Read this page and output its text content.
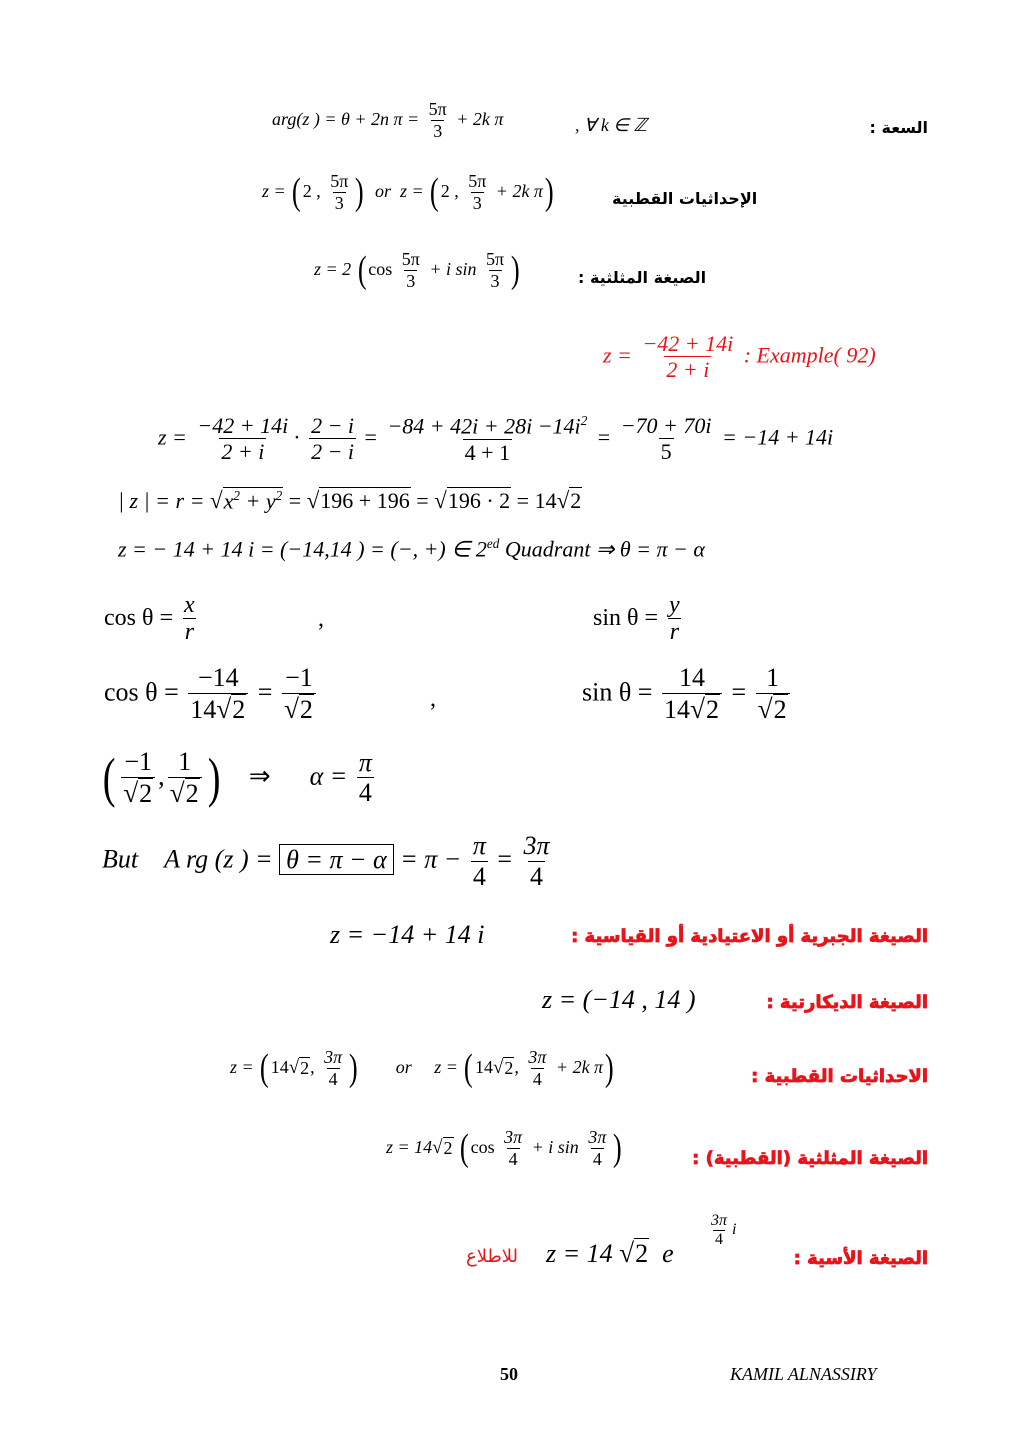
arg(z ) = θ + 2n $\pi = \frac{5\pi}{3} + 2k$ π	, ∀ k ∈ ℤ	السعة :
z = ( 2 , $\frac{5\pi}{3}$ ) or z = ( 2 , $\frac{5\pi}{3} + 2k$ π)	الإحداثيات القطبية
z = 2 ( $\cos \frac{5\pi}{3} + i$ $\sin \frac{5\pi}{3}$ )	الصيغة المثلثية :
$z = \frac{-42 + 14i}{2 + i}$ : Example( 92)
$z = \frac{-42 + 14i}{2 + i} \cdot \frac{2 - i}{2 - i} = \frac{-84 + 42i + 28i -14i^2}{4 + 1} = \frac{-70 + 70i}{5} = -14 + 14i$
| z | = r = √ $x^2 + y^2$ = √ 196 + 196 = √ 196 · 2 = 14 √ 2
z = − 14 + 14 i = (−14,14 ) = (−, +) ∈ $2^{ed}$ Quadrant ⇒ θ = π − α
$\cos \theta = \frac{x}{r}$	,	$\sin \theta = \frac{y}{r}$
$\cos \theta = \frac{-14}{14 √ 2} = \frac{-1}{√ 2}$	,	$\sin \theta = \frac{14}{14 √ 2} = \frac{1}{√ 2}$
( $\frac{-1}{√ 2}$ , $\frac{1}{√ 2}$ ) ⇒ $\alpha = \frac{\pi}{4}$
But A rg (z ) = $\theta = \pi - \alpha = \pi - \frac{\pi}{4} = \frac{3\pi}{4}$
z = −14 + 14 i	الصيغة الجبرية أو الاعتيادية أو القياسية :
z = (−14 , 14 )	الصيغة الديكارتية :
z = ( 14 √ 2 , $\frac{3\pi}{4}$ ) or z = ( 14 √ 2 , $\frac{3\pi}{4} + 2k$ π)	الاحداثيات القطبية :
z = 14 √ 2 ( $\cos \frac{3\pi}{4} + i$ $\sin \frac{3\pi}{4}$ )	الصيغة المثلثية (القطبية) :
للاطلاع z = 14 √ 2 e
$\frac{3\pi}{4}$ i
الصيغة الأسية :
50	KAMIL ALNASSIRY
